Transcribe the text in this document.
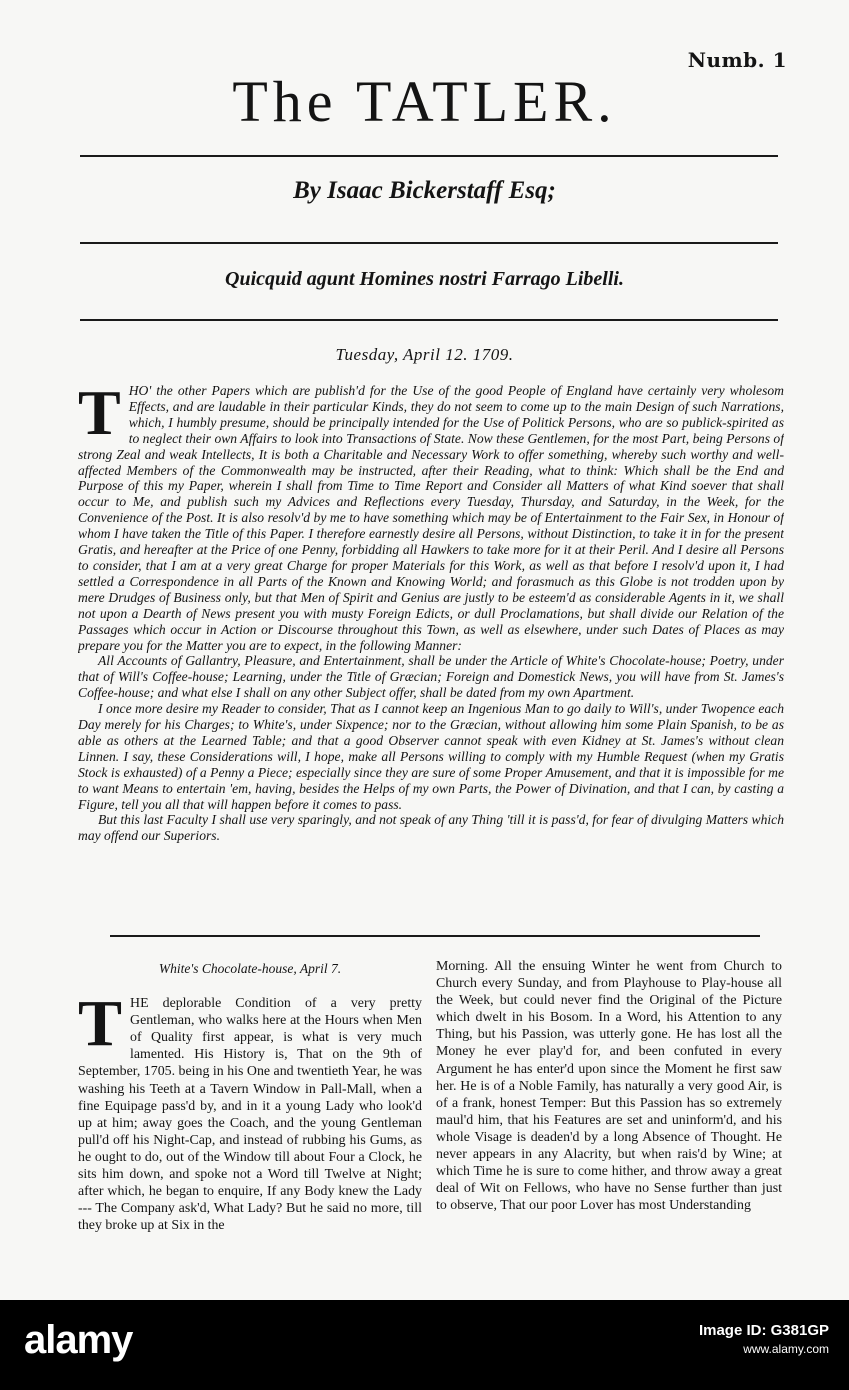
Numb. 1
The TATLER.
By Isaac Bickerstaff Esq;
Quicquid agunt Homines nostri Farrago Libelli.
Tuesday, April 12. 1709.

THO' the other Papers which are publish'd for the Use of the good People of England have certainly very wholesom Effects, and are laudable in their particular Kinds, they do not seem to come up to the main Design of such Narrations, which, I humbly presume, should be principally intended for the Use of Politick Persons, who are so publick-spirited as to neglect their own Affairs to look into Transactions of State. Now these Gentlemen, for the most Part, being Persons of strong Zeal and weak Intellects, It is both a Charitable and Necessary Work to offer something, whereby such worthy and well-affected Members of the Commonwealth may be instructed, after their Reading, what to think: Which shall be the End and Purpose of this my Paper, wherein I shall from Time to Time Report and Consider all Matters of what Kind soever that shall occur to Me, and publish such my Advices and Reflections every Tuesday, Thursday, and Saturday, in the Week, for the Convenience of the Post. It is also resolv'd by me to have something which may be of Entertainment to the Fair Sex, in Honour of whom I have taken the Title of this Paper. I therefore earnestly desire all Persons, without Distinction, to take it in for the present Gratis, and hereafter at the Price of one Penny, forbidding all Hawkers to take more for it at their Peril. And I desire all Persons to consider, that I am at a very great Charge for proper Materials for this Work, as well as that before I resolv'd upon it, I had settled a Correspondence in all Parts of the Known and Knowing World; and forasmuch as this Globe is not trodden upon by mere Drudges of Business only, but that Men of Spirit and Genius are justly to be esteem'd as considerable Agents in it, we shall not upon a Dearth of News present you with musty Foreign Edicts, or dull Proclamations, but shall divide our Relation of the Passages which occur in Action or Discourse throughout this Town, as well as elsewhere, under such Dates of Places as may prepare you for the Matter you are to expect, in the following Manner:

All Accounts of Gallantry, Pleasure, and Entertainment, shall be under the Article of White's Chocolate-house; Poetry, under that of Will's Coffee-house; Learning, under the Title of Græcian; Foreign and Domestick News, you will have from St. James's Coffee-house; and what else I shall on any other Subject offer, shall be dated from my own Apartment.

I once more desire my Reader to consider, That as I cannot keep an Ingenious Man to go daily to Will's, under Twopence each Day merely for his Charges; to White's, under Sixpence; nor to the Græcian, without allowing him some Plain Spanish, to be as able as others at the Learned Table; and that a good Observer cannot speak with even Kidney at St. James's without clean Linnen. I say, these Considerations will, I hope, make all Persons willing to comply with my Humble Request (when my Gratis Stock is exhausted) of a Penny a Piece; especially since they are sure of some Proper Amusement, and that it is impossible for me to want Means to entertain 'em, having, besides the Helps of my own Parts, the Power of Divination, and that I can, by casting a Figure, tell you all that will happen before it comes to pass.

But this last Faculty I shall use very sparingly, and not speak of any Thing 'till it is pass'd, for fear of divulging Matters which may offend our Superiors.

White's Chocolate-house, April 7.

THE deplorable Condition of a very pretty Gentleman, who walks here at the Hours when Men of Quality first appear, is what is very much lamented. His History is, That on the 9th of September, 1705. being in his One and twentieth Year, he was washing his Teeth at a Tavern Window in Pall-Mall, when a fine Equipage pass'd by, and in it a young Lady who look'd up at him; away goes the Coach, and the young Gentleman pull'd off his Night-Cap, and instead of rubbing his Gums, as he ought to do, out of the Window till about Four a Clock, he sits him down, and spoke not a Word till Twelve at Night; after which, he began to enquire, If any Body knew the Lady --- The Company ask'd, What Lady? But he said no more, till they broke up at Six in the

Morning. All the ensuing Winter he went from Church to Church every Sunday, and from Playhouse to Play-house all the Week, but could never find the Original of the Picture which dwelt in his Bosom. In a Word, his Attention to any Thing, but his Passion, was utterly gone. He has lost all the Money he ever play'd for, and been confuted in every Argument he has enter'd upon since the Moment he first saw her. He is of a Noble Family, has naturally a very good Air, is of a frank, honest Temper: But this Passion has so extremely maul'd him, that his Features are set and uninform'd, and his whole Visage is deaden'd by a long Absence of Thought. He never appears in any Alacrity, but when rais'd by Wine; at which Time he is sure to come hither, and throw away a great deal of Wit on Fellows, who have no Sense further than just to observe, That our poor Lover has most Understanding

alamy	Image ID: G381GP
www.alamy.com
